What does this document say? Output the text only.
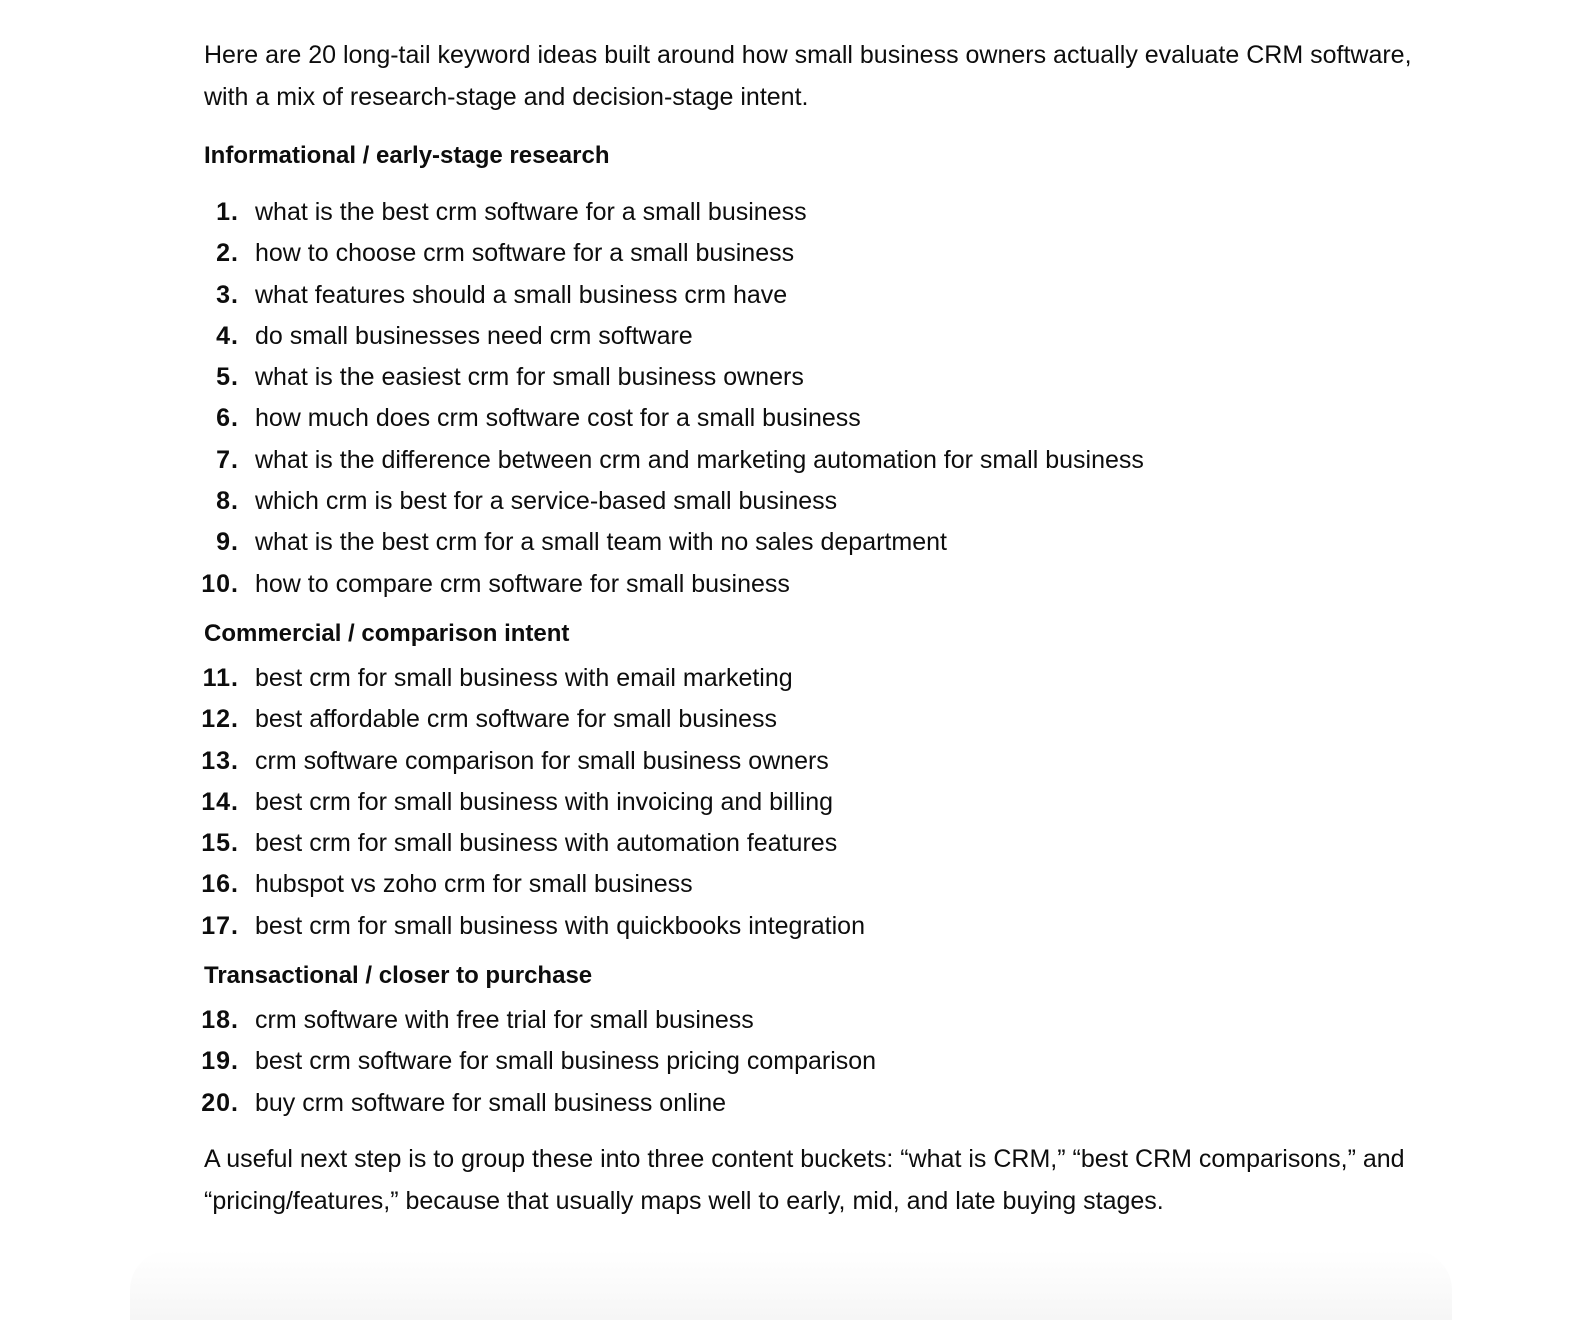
Here are 20 long-tail keyword ideas built around how small business owners actually evaluate CRM software, with a mix of research-stage and decision-stage intent.

Informational / early-stage research

1. what is the best crm software for a small business
2. how to choose crm software for a small business
3. what features should a small business crm have
4. do small businesses need crm software
5. what is the easiest crm for small business owners
6. how much does crm software cost for a small business
7. what is the difference between crm and marketing automation for small business
8. which crm is best for a service-based small business
9. what is the best crm for a small team with no sales department
10. how to compare crm software for small business

Commercial / comparison intent

11. best crm for small business with email marketing
12. best affordable crm software for small business
13. crm software comparison for small business owners
14. best crm for small business with invoicing and billing
15. best crm for small business with automation features
16. hubspot vs zoho crm for small business
17. best crm for small business with quickbooks integration

Transactional / closer to purchase

18. crm software with free trial for small business
19. best crm software for small business pricing comparison
20. buy crm software for small business online

A useful next step is to group these into three content buckets: “what is CRM,” “best CRM comparisons,” and “pricing/features,” because that usually maps well to early, mid, and late buying stages.
